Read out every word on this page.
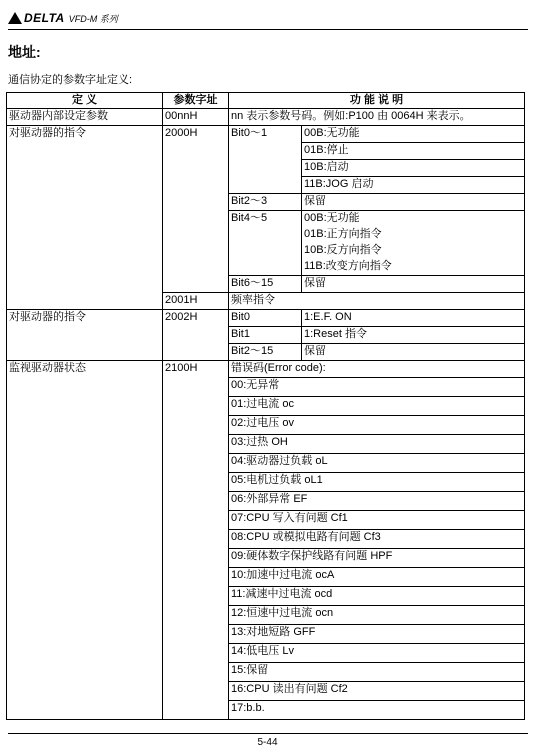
DELTA VFD-M 系列
地址:
通信协定的参数字址定义:
定 义	参数字址	功 能 说 明	
驱动器内部设定参数	00nnH	nn 表示参数号码。例如:P100 由 0064H 来表示。	
对驱动器的指令	2000H	Bit0～1	00B:无功能
			01B:停止
			10B:启动
			11B:JOG 启动
		Bit2～3	保留
		Bit4～5	00B:无功能
			01B:正方向指令
			10B:反方向指令
			11B:改变方向指令
		Bit6～15	保留
	2001H	频率指令	
对驱动器的指令	2002H	Bit0	1:E.F. ON
		Bit1	1:Reset 指令
		Bit2～15	保留
监视驱动器状态	2100H	错误码(Error code):	
		00:无异常	
		01:过电流 oc	
		02:过电压 ov	
		03:过热 OH	
		04:驱动器过负载 oL	
		05:电机过负载 oL1	
		06:外部异常 EF	
		07:CPU 写入有问题 Cf1	
		08:CPU 或模拟电路有问题 Cf3	
		09:硬体数字保护线路有问题 HPF	
		10:加速中过电流 ocA	
		11:减速中过电流 ocd	
		12:恒速中过电流 ocn	
		13:对地短路 GFF	
		14:低电压 Lv	
		15:保留	
		16:CPU 读出有问题 Cf2	
		17:b.b.	
5-44
